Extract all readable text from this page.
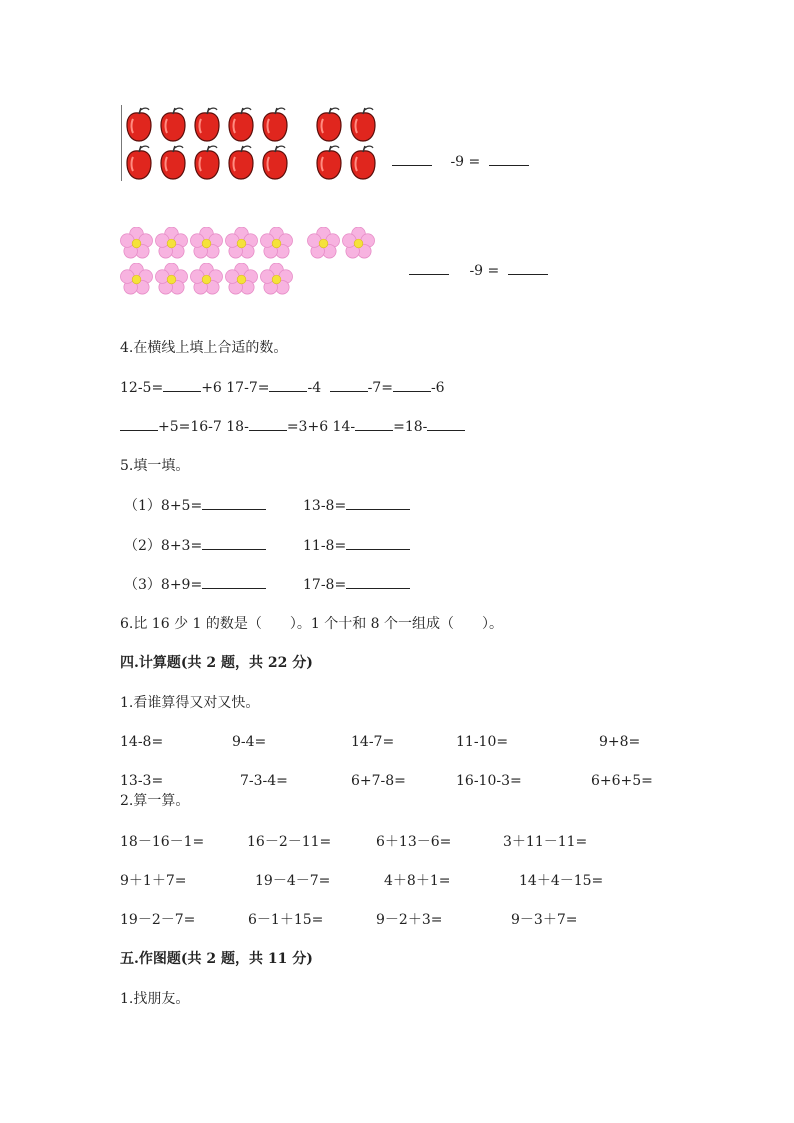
-9 =
-9 =
4.在横线上填上合适的数。
12-5=	+6 17-7=	-4	-7=	-6
+5=16-7 18-	=3+6 14-	=18-
5.填一填。
（1）8+5=	13-8=
（2）8+3=	11-8=
（3）8+9=	17-8=
6.比 16 少 1 的数是（　　）。1 个十和 8 个一组成（　　）。
四.计算题(共 2 题，共 22 分)
1.看谁算得又对又快。
14-8=	9-4=	14-7=	11-10=	9+8=
13-3=	7-3-4=	6+7-8=	16-10-3=	6+6+5=
2.算一算。
18－16－1=	16－2－11=	6＋13－6=	3＋11－11=
9＋1＋7=	19－4－7=	4＋8＋1=	14＋4－15=
19－2－7=	6－1＋15=	9－2＋3=	9－3＋7=
五.作图题(共 2 题，共 11 分)
1.找朋友。
